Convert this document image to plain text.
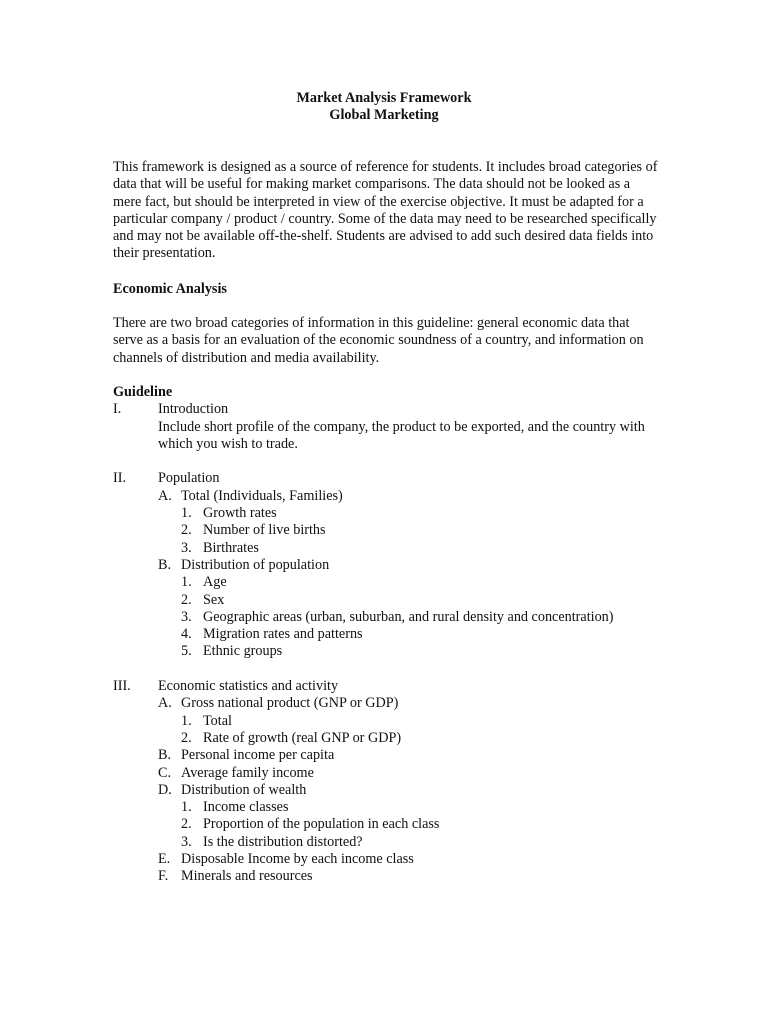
Market Analysis Framework
Global Marketing

This framework is designed as a source of reference for students. It includes broad categories of data that will be useful for making market comparisons. The data should not be looked as a mere fact, but should be interpreted in view of the exercise objective. It must be adapted for a particular company / product / country. Some of the data may need to be researched specifically and may not be available off-the-shelf. Students are advised to add such desired data fields into their presentation.

Economic Analysis

There are two broad categories of information in this guideline: general economic data that serve as a basis for an evaluation of the economic soundness of a country, and information on channels of distribution and media availability.

Guideline
I.	Introduction
Include short profile of the company, the product to be exported, and the country with which you wish to trade.
II. Population
A. Total (Individuals, Families)
1. Growth rates
2. Number of live births
3. Birthrates
B. Distribution of population
1. Age
2. Sex
3. Geographic areas (urban, suburban, and rural density and concentration)
4. Migration rates and patterns
5. Ethnic groups
III. Economic statistics and activity
A. Gross national product (GNP or GDP)
1. Total
2. Rate of growth (real GNP or GDP)
B. Personal income per capita
C. Average family income
D. Distribution of wealth
1. Income classes
2. Proportion of the population in each class
3. Is the distribution distorted?
E. Disposable Income by each income class
F. Minerals and resources
